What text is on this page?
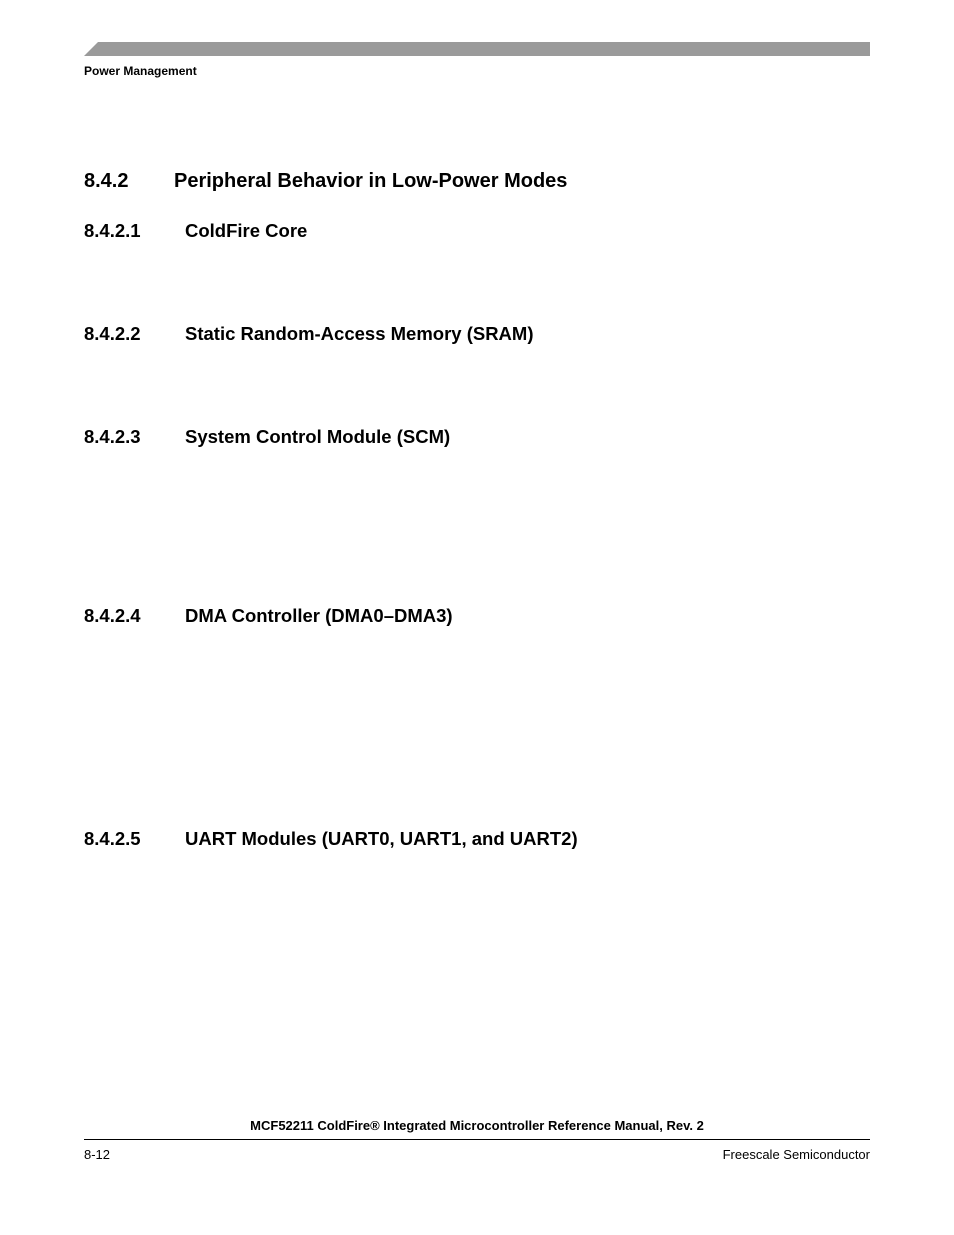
Power Management
8.4.2 Peripheral Behavior in Low-Power Modes
8.4.2.1 ColdFire Core
8.4.2.2 Static Random-Access Memory (SRAM)
8.4.2.3 System Control Module (SCM)
8.4.2.4 DMA Controller (DMA0–DMA3)
8.4.2.5 UART Modules (UART0, UART1, and UART2)
MCF52211 ColdFire® Integrated Microcontroller Reference Manual, Rev. 2
8-12	Freescale Semiconductor
